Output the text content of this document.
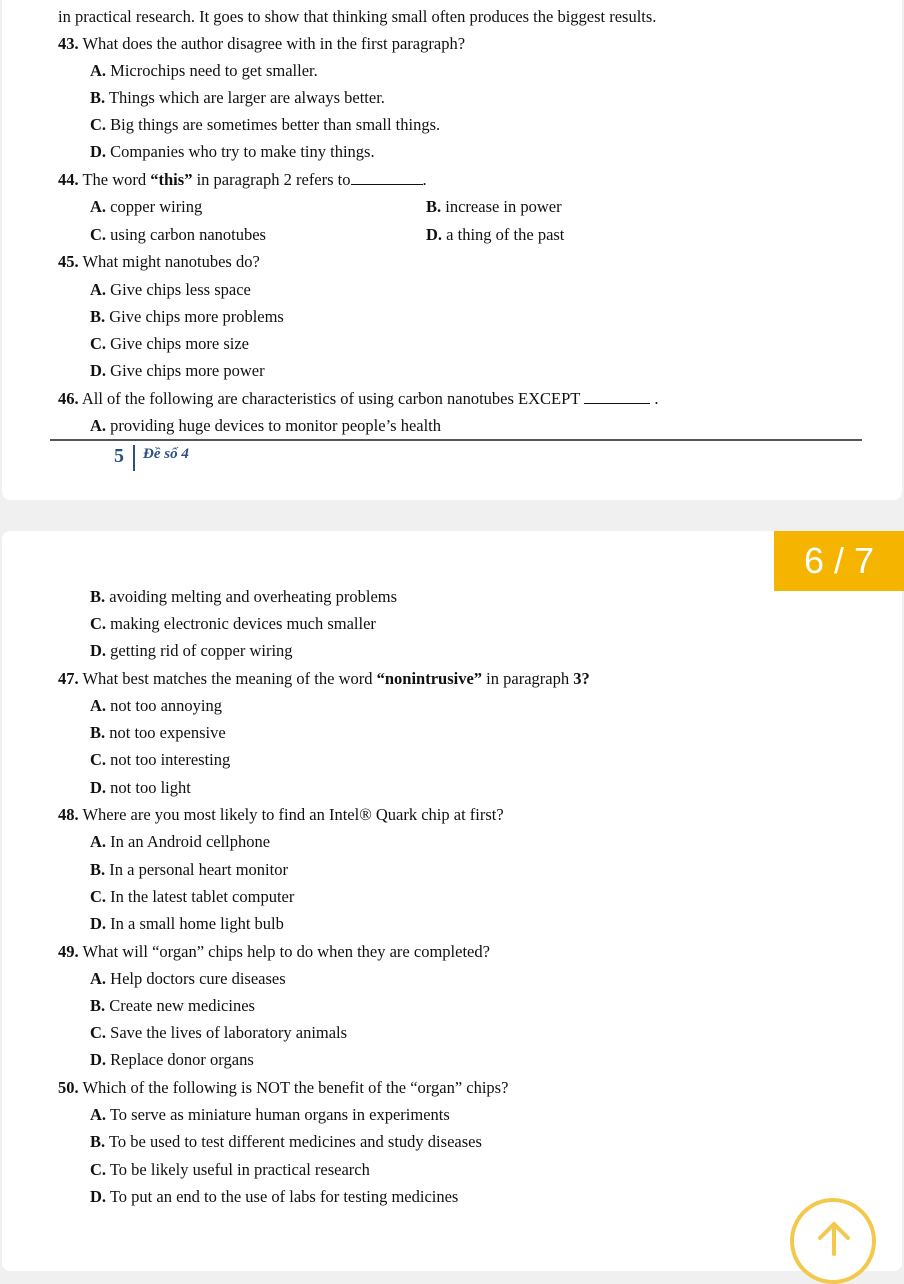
in practical research. It goes to show that thinking small often produces the biggest results.
43. What does the author disagree with in the first paragraph?
A. Microchips need to get smaller.
B. Things which are larger are always better.
C. Big things are sometimes better than small things.
D. Companies who try to make tiny things.
44. The word “this” in paragraph 2 refers to	.
A. copper wiring	B. increase in power
C. using carbon nanotubes	D. a thing of the past
45. What might nanotubes do?
A. Give chips less space
B. Give chips more problems
C. Give chips more size
D. Give chips more power
46. All of the following are characteristics of using carbon nanotubes EXCEPT	.
A. providing huge devices to monitor people’s health
5 Đề số 4
B. avoiding melting and overheating problems
C. making electronic devices much smaller
D. getting rid of copper wiring
47. What best matches the meaning of the word “nonintrusive” in paragraph 3?
A. not too annoying
B. not too expensive
C. not too interesting
D. not too light
48. Where are you most likely to find an Intel® Quark chip at first?
A. In an Android cellphone
B. In a personal heart monitor
C. In the latest tablet computer
D. In a small home light bulb
49. What will “organ” chips help to do when they are completed?
A. Help doctors cure diseases
B. Create new medicines
C. Save the lives of laboratory animals
D. Replace donor organs
50. Which of the following is NOT the benefit of the “organ” chips?
A. To serve as miniature human organs in experiments
B. To be used to test different medicines and study diseases
C. To be likely useful in practical research
D. To put an end to the use of labs for testing medicines
6 / 7
